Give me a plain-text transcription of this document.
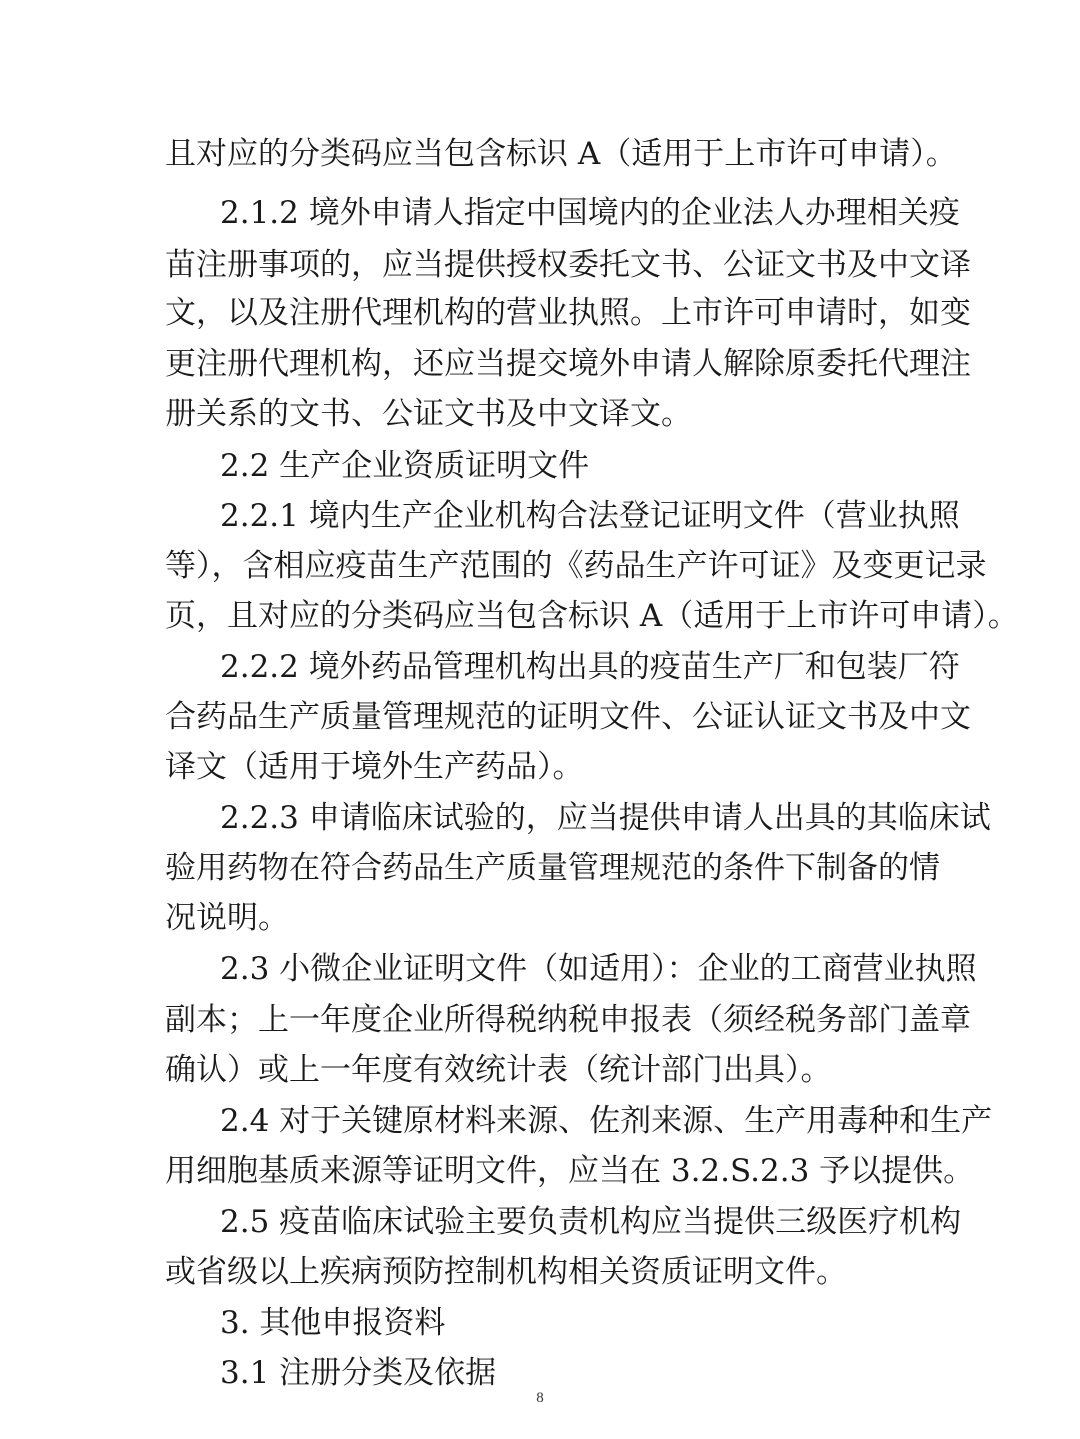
且对应的分类码应当包含标识 A（适用于上市许可申请）。
2.1.2 境外申请人指定中国境内的企业法人办理相关疫
苗注册事项的，应当提供授权委托文书、公证文书及中文译
文，以及注册代理机构的营业执照。上市许可申请时，如变
更注册代理机构，还应当提交境外申请人解除原委托代理注
册关系的文书、公证文书及中文译文。
2.2 生产企业资质证明文件
2.2.1 境内生产企业机构合法登记证明文件（营业执照
等），含相应疫苗生产范围的《药品生产许可证》及变更记录
页，且对应的分类码应当包含标识 A（适用于上市许可申请）。
2.2.2 境外药品管理机构出具的疫苗生产厂和包装厂符
合药品生产质量管理规范的证明文件、公证认证文书及中文
译文（适用于境外生产药品）。
2.2.3 申请临床试验的，应当提供申请人出具的其临床试
验用药物在符合药品生产质量管理规范的条件下制备的情
况说明。
2.3 小微企业证明文件（如适用）：企业的工商营业执照
副本；上一年度企业所得税纳税申报表（须经税务部门盖章
确认）或上一年度有效统计表（统计部门出具）。
2.4 对于关键原材料来源、佐剂来源、生产用毒种和生产
用细胞基质来源等证明文件，应当在 3.2.S.2.3 予以提供。
2.5 疫苗临床试验主要负责机构应当提供三级医疗机构
或省级以上疾病预防控制机构相关资质证明文件。
3. 其他申报资料
3.1 注册分类及依据
8
